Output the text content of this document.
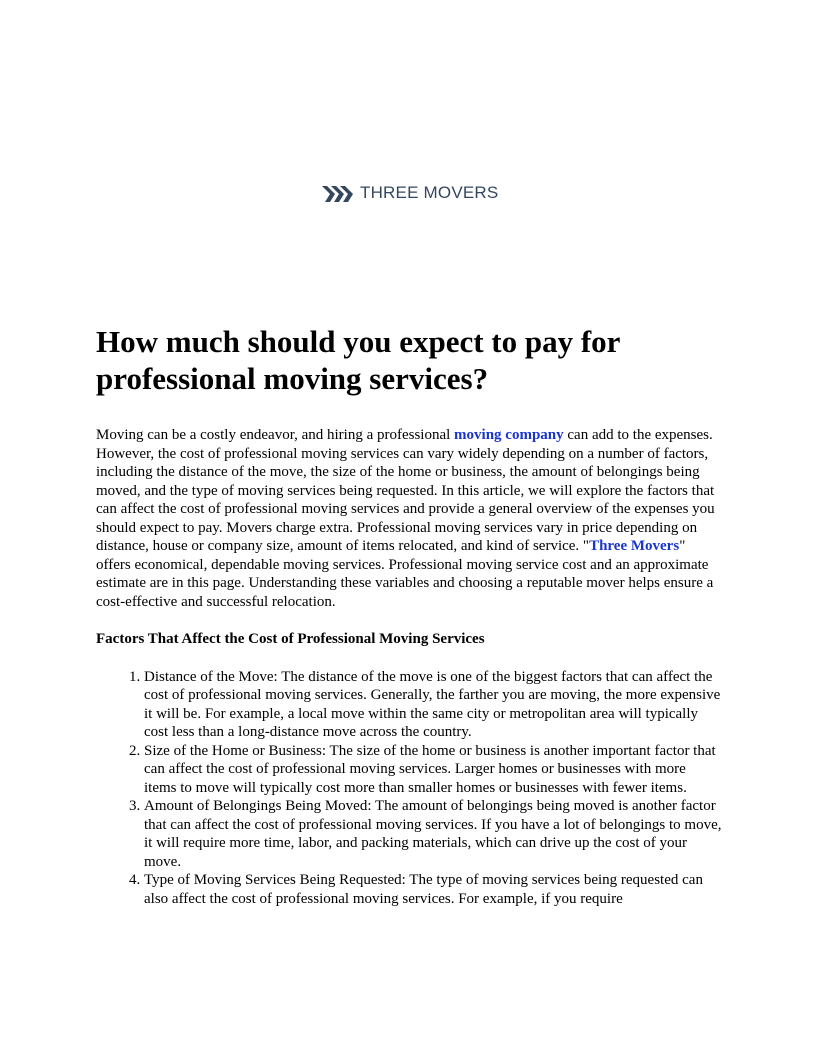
THREE MOVERS
How much should you expect to pay for professional moving services?

Moving can be a costly endeavor, and hiring a professional moving company can add to the expenses. However, the cost of professional moving services can vary widely depending on a number of factors, including the distance of the move, the size of the home or business, the amount of belongings being moved, and the type of moving services being requested. In this article, we will explore the factors that can affect the cost of professional moving services and provide a general overview of the expenses you should expect to pay. Movers charge extra. Professional moving services vary in price depending on distance, house or company size, amount of items relocated, and kind of service. "Three Movers" offers economical, dependable moving services. Professional moving service cost and an approximate estimate are in this page. Understanding these variables and choosing a reputable mover helps ensure a cost-effective and successful relocation.

Factors That Affect the Cost of Professional Moving Services
1. Distance of the Move: The distance of the move is one of the biggest factors that can affect the cost of professional moving services. Generally, the farther you are moving, the more expensive it will be. For example, a local move within the same city or metropolitan area will typically cost less than a long-distance move across the country.
2. Size of the Home or Business: The size of the home or business is another important factor that can affect the cost of professional moving services. Larger homes or businesses with more items to move will typically cost more than smaller homes or businesses with fewer items.
3. Amount of Belongings Being Moved: The amount of belongings being moved is another factor that can affect the cost of professional moving services. If you have a lot of belongings to move, it will require more time, labor, and packing materials, which can drive up the cost of your move.
4. Type of Moving Services Being Requested: The type of moving services being requested can also affect the cost of professional moving services. For example, if you require
